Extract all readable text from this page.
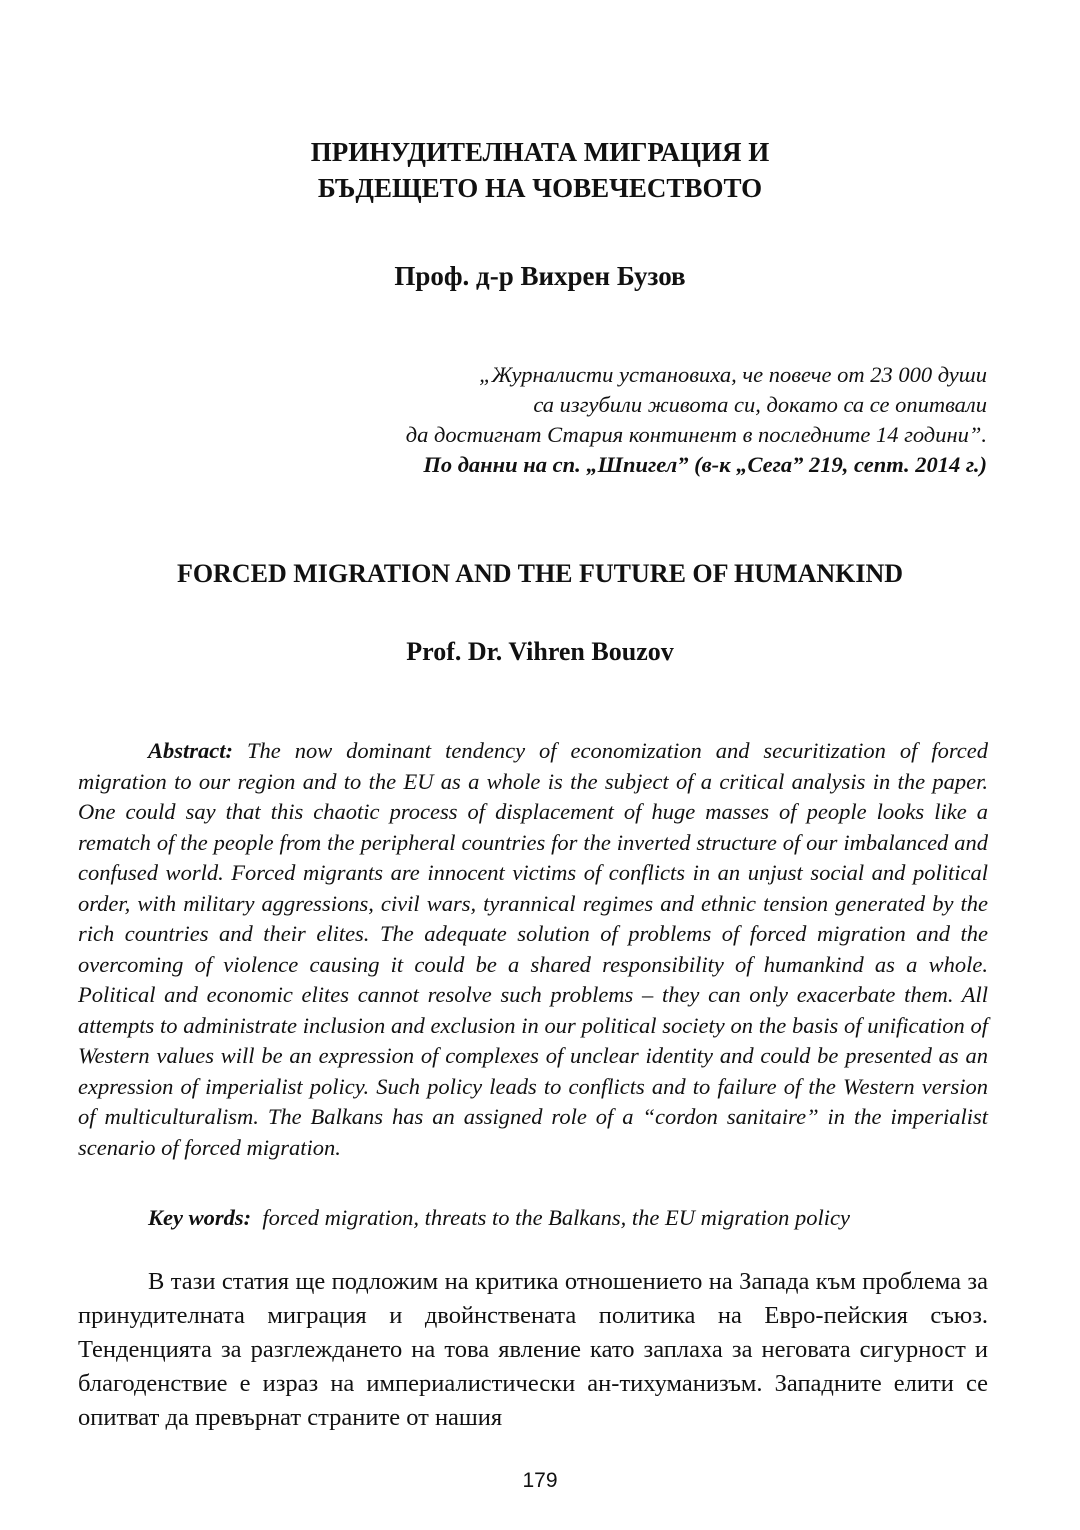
ПРИНУДИТЕЛНАТА МИГРАЦИЯ И
БЪДЕЩЕТО НА ЧОВЕЧЕСТВОТО
Проф. д-р Вихрен Бузов
„Журналисти установиха, че повече от 23 000 души
са изгубили живота си, докато са се опитвали
да достигнат Стария континент в последните 14 години”.
По данни на сп. „Шпигел” (в-к „Сега” 219, септ. 2014 г.)
FORCED MIGRATION AND THE FUTURE OF HUMANKIND
Prof. Dr. Vihren Bouzov

Abstract: The now dominant tendency of economization and securitization of forced migration to our region and to the EU as a whole is the subject of a critical analysis in the paper. One could say that this chaotic process of displacement of huge masses of people looks like a rematch of the people from the peripheral countries for the inverted structure of our imbalanced and confused world. Forced migrants are innocent victims of conflicts in an unjust social and political order, with military aggressions, civil wars, tyrannical regimes and ethnic tension generated by the rich countries and their elites. The adequate solution of problems of forced migration and the overcoming of violence causing it could be a shared responsibility of humankind as a whole. Political and economic elites cannot resolve such problems – they can only exacerbate them. All attempts to administrate inclusion and exclusion in our political society on the basis of unification of Western values will be an expression of complexes of unclear identity and could be presented as an expression of imperialist policy. Such policy leads to conflicts and to failure of the Western version of multiculturalism. The Balkans has an assigned role of a “cordon sanitaire” in the imperialist scenario of forced migration.

Key words: forced migration, threats to the Balkans, the EU migration policy

В тази статия ще подложим на критика отношението на Запада към проблема за принудителната миграция и двойнствената политика на Евро-пейския съюз. Тенденцията за разглеждането на това явление като заплаха за неговата сигурност и благоденствие е израз на империалистически ан-тихуманизъм. Западните елити се опитват да превърнат страните от нашия

179
